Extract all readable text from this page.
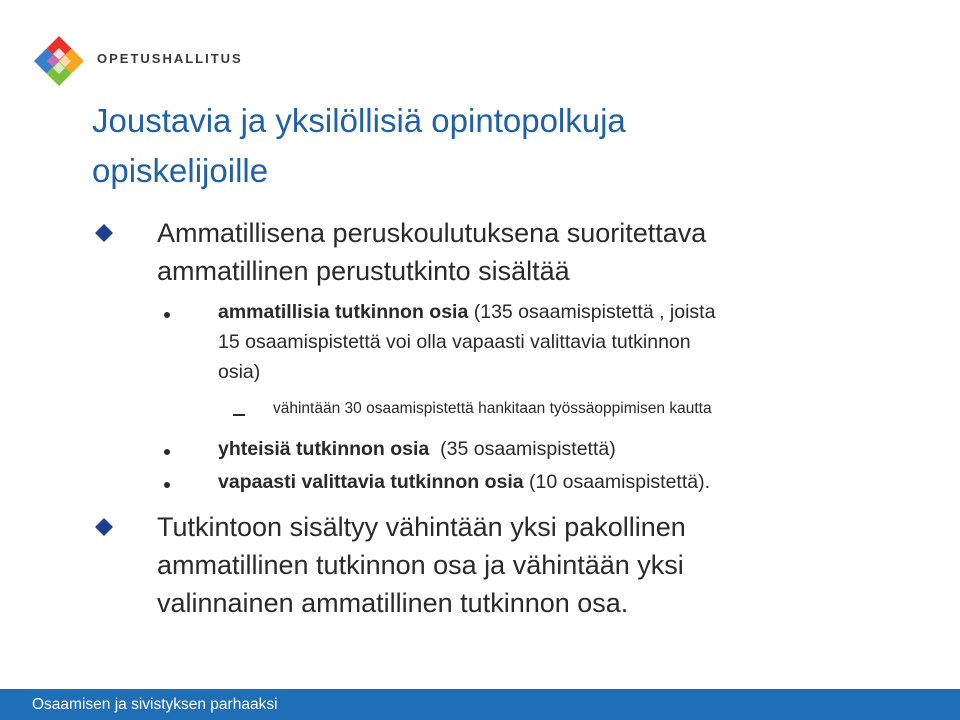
OPETUSHALLITUS
Joustavia ja yksilöllisiä opintopolkuja
opiskelijoille
Ammatillisena peruskoulutuksena suoritettava
ammatillinen perustutkinto sisältää
ammatillisia tutkinnon osia (135 osaamispistettä , joista
15 osaamispistettä voi olla vapaasti valittavia tutkinnon
osia)
vähintään 30 osaamispistettä hankitaan työssäoppimisen kautta
yhteisiä tutkinnon osia  (35 osaamispistettä)
vapaasti valittavia tutkinnon osia (10 osaamispistettä).
Tutkintoon sisältyy vähintään yksi pakollinen
ammatillinen tutkinnon osa ja vähintään yksi
valinnainen ammatillinen tutkinnon osa.
Osaamisen ja sivistyksen parhaaksi
